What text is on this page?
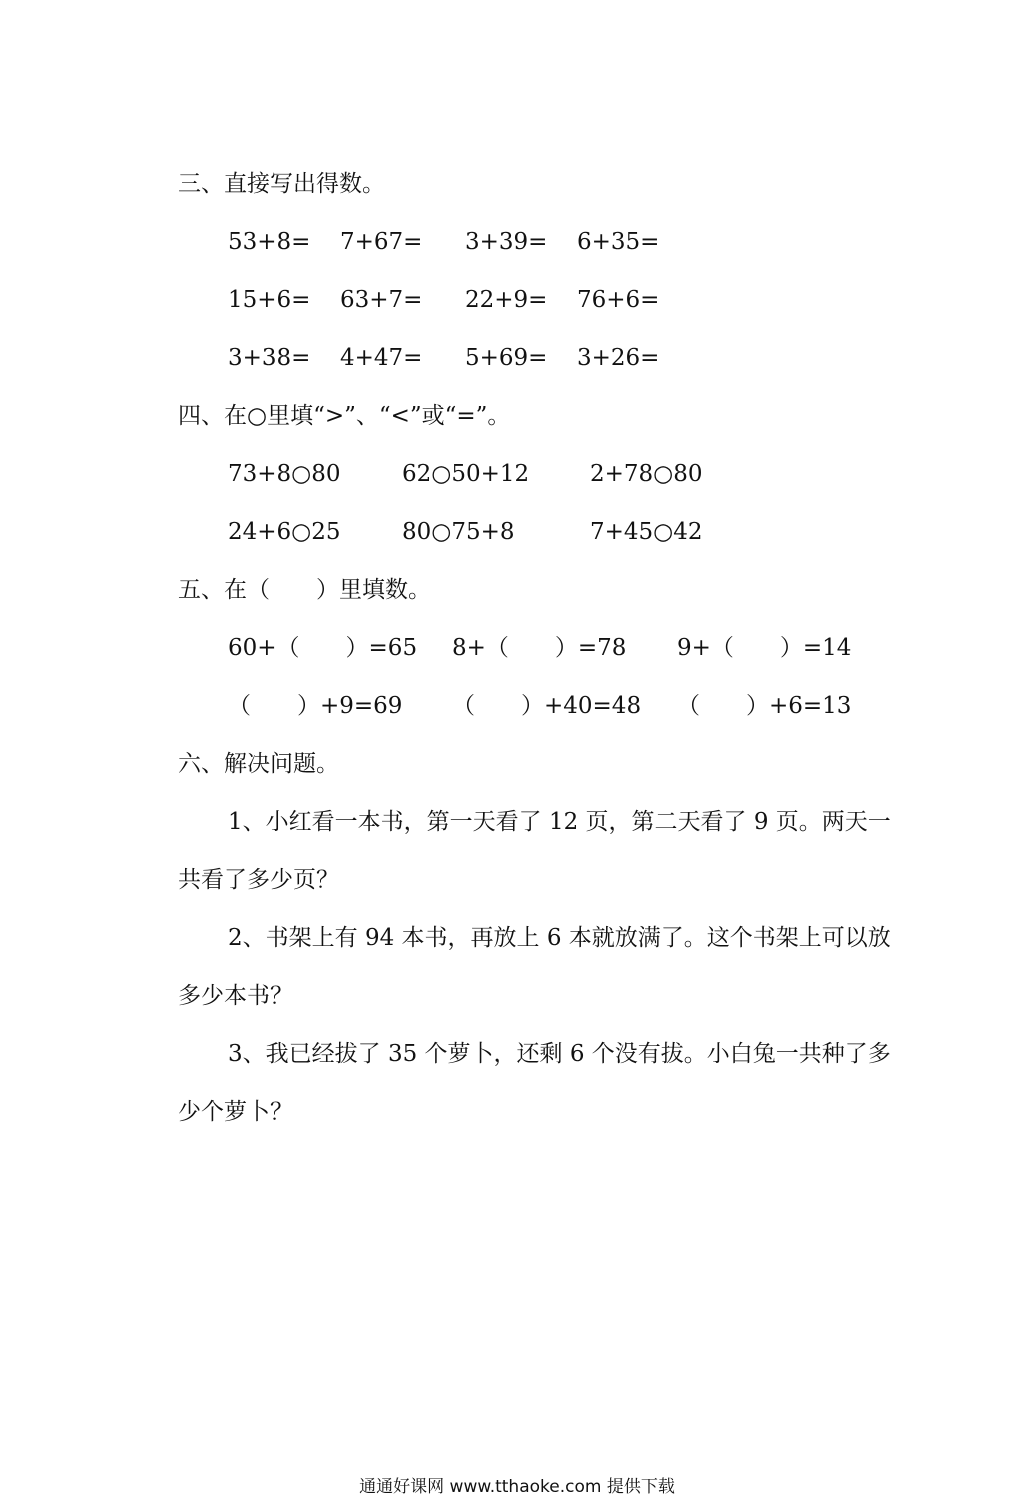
三、直接写出得数。
53+8= 7+67= 3+39= 6+35=
15+6= 63+7= 22+9= 76+6=
3+38= 4+47= 5+69= 3+26=
四、在○里填“>”、“<”或“=”。
73+8○80	62○50+12	2+78○80
24+6○25	80○75+8	7+45○42
五、在（　　）里填数。
60+（　　）=65 8+（　　）=78 9+（　　）=14
（　　）+9=69 （　　）+40=48 （　　）+6=13
六、解决问题。
1、小红看一本书，第一天看了 12 页，第二天看了 9 页。两天一
共看了多少页？
2、书架上有 94 本书，再放上 6 本就放满了。这个书架上可以放
多少本书？
3、我已经拔了 35 个萝卜，还剩 6 个没有拔。小白兔一共种了多
少个萝卜？
通通好课网 www.tthaoke.com 提供下载
